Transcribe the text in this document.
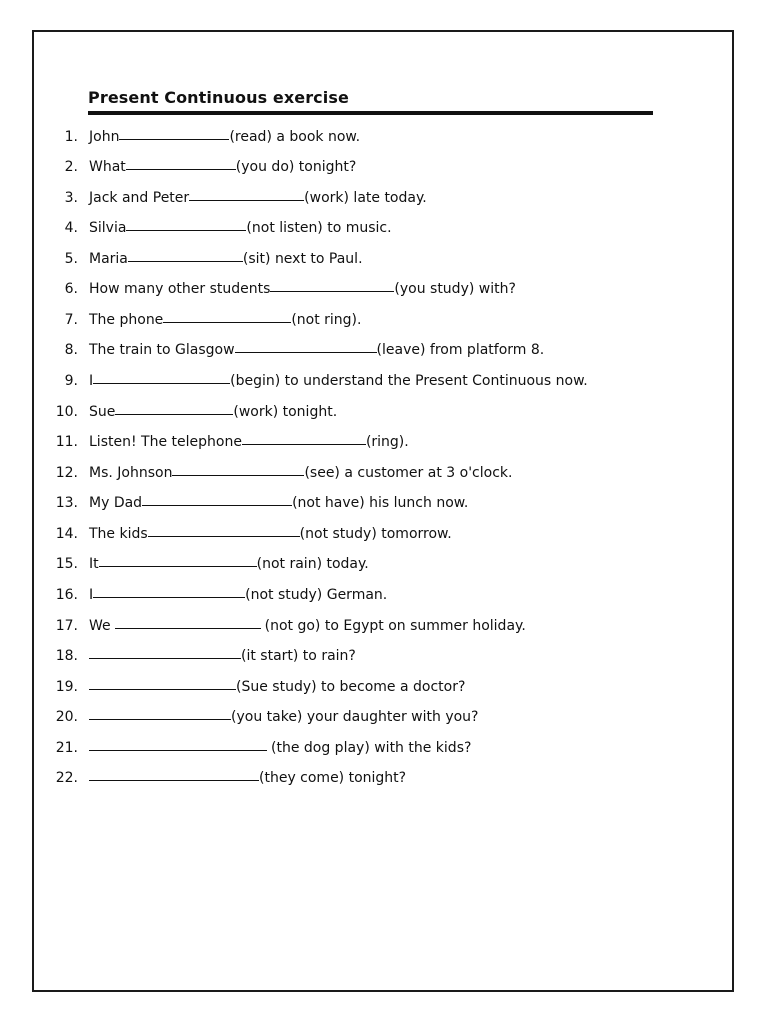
Present Continuous exercise
1. John	(read) a book now.
2. What	(you do) tonight?
3. Jack and Peter	(work) late today.
4. Silvia	(not listen) to music.
5. Maria	(sit) next to Paul.
6. How many other students	(you study) with?
7. The phone	(not ring).
8. The train to Glasgow	(leave) from platform 8.
9. I	(begin) to understand the Present Continuous now.
10. Sue	(work) tonight.
11. Listen! The telephone	(ring).
12. Ms. Johnson	(see) a customer at 3 o'clock.
13. My Dad	(not have) his lunch now.
14. The kids	(not study) tomorrow.
15. It	(not rain) today.
16. I	(not study) German.
17. We	(not go) to Egypt on summer holiday.
18.	(it start) to rain?
19.	(Sue study) to become a doctor?
20.	(you take) your daughter with you?
21.	(the dog play) with the kids?
22.	(they come) tonight?
